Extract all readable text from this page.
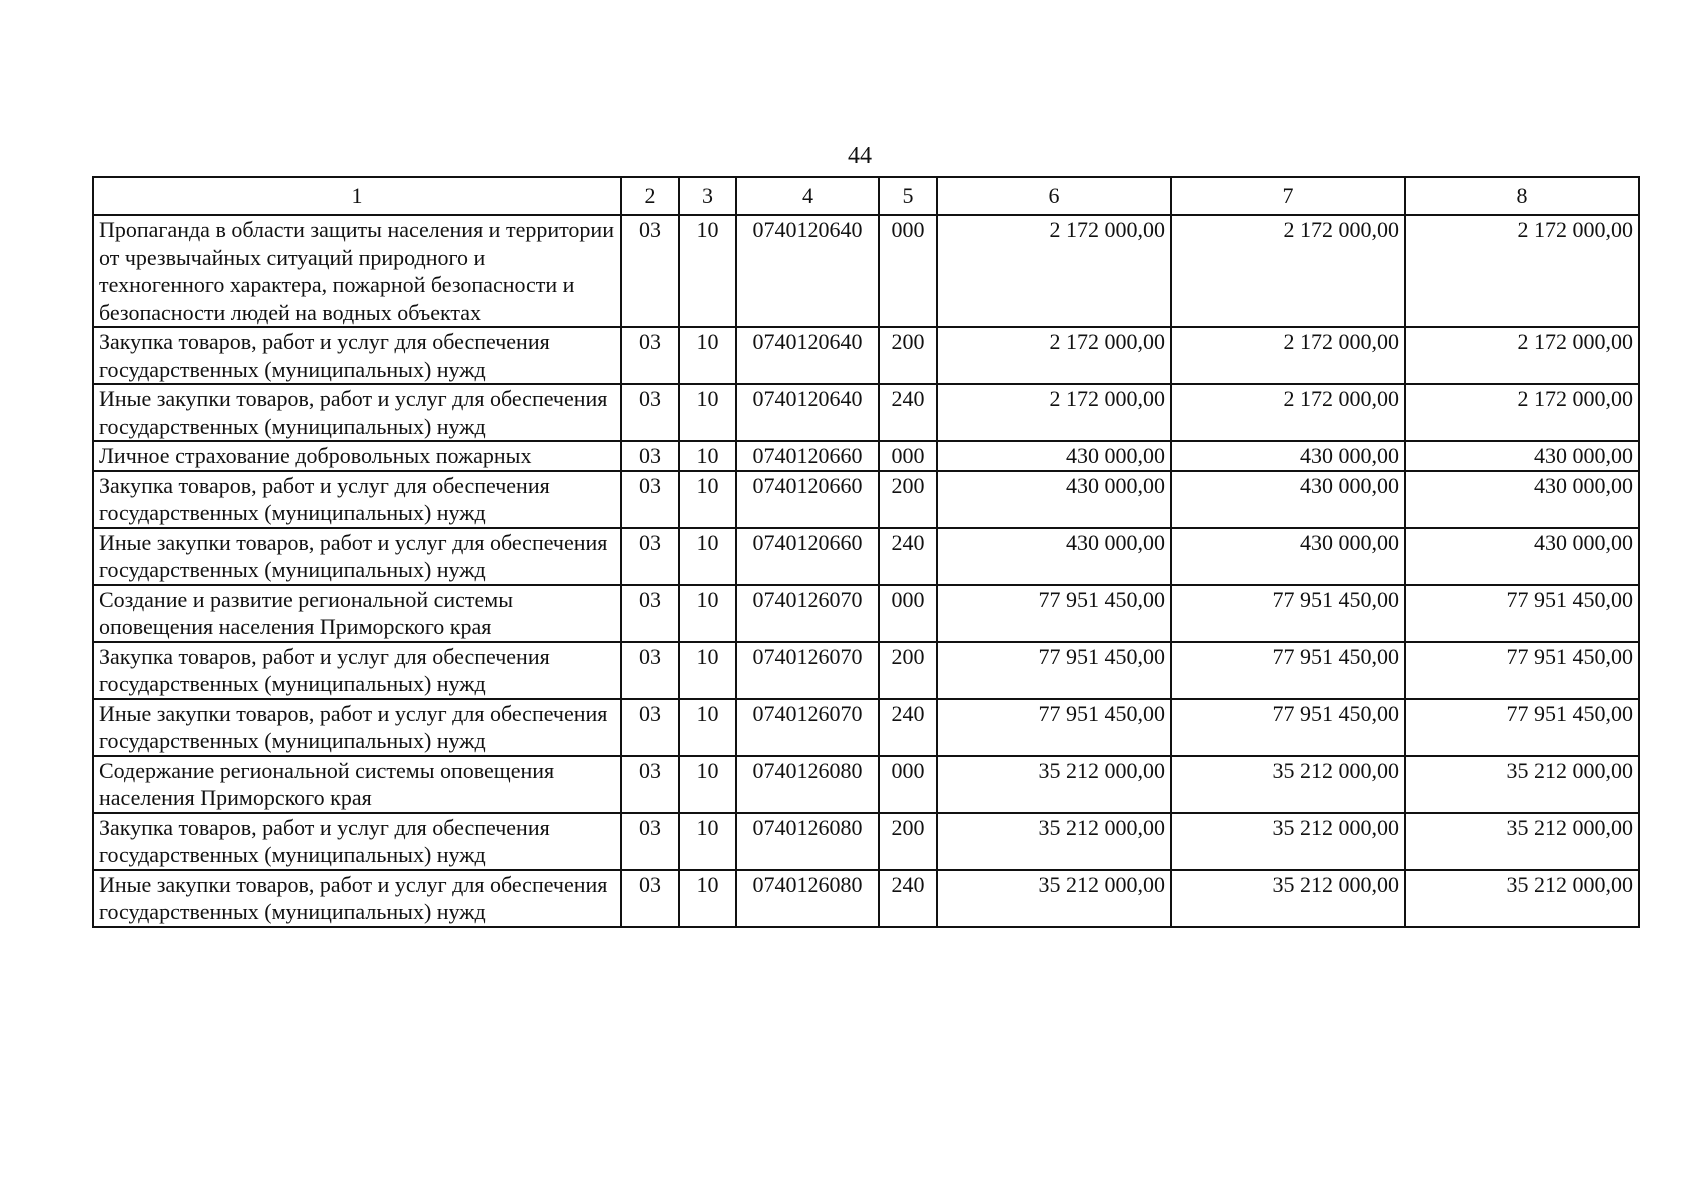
44
1	2	3	4	5	6	7	8
Пропаганда в области защиты населения и территории от чрезвычайных ситуаций природного и техногенного характера, пожарной безопасности и безопасности людей на водных объектах	03	10	0740120640	000	2 172 000,00	2 172 000,00	2 172 000,00
Закупка товаров, работ и услуг для обеспечения государственных (муниципальных) нужд	03	10	0740120640	200	2 172 000,00	2 172 000,00	2 172 000,00
Иные закупки товаров, работ и услуг для обеспечения государственных (муниципальных) нужд	03	10	0740120640	240	2 172 000,00	2 172 000,00	2 172 000,00
Личное страхование добровольных пожарных	03	10	0740120660	000	430 000,00	430 000,00	430 000,00
Закупка товаров, работ и услуг для обеспечения государственных (муниципальных) нужд	03	10	0740120660	200	430 000,00	430 000,00	430 000,00
Иные закупки товаров, работ и услуг для обеспечения государственных (муниципальных) нужд	03	10	0740120660	240	430 000,00	430 000,00	430 000,00
Создание и развитие региональной системы оповещения населения Приморского края	03	10	0740126070	000	77 951 450,00	77 951 450,00	77 951 450,00
Закупка товаров, работ и услуг для обеспечения государственных (муниципальных) нужд	03	10	0740126070	200	77 951 450,00	77 951 450,00	77 951 450,00
Иные закупки товаров, работ и услуг для обеспечения государственных (муниципальных) нужд	03	10	0740126070	240	77 951 450,00	77 951 450,00	77 951 450,00
Содержание региональной системы оповещения населения Приморского края	03	10	0740126080	000	35 212 000,00	35 212 000,00	35 212 000,00
Закупка товаров, работ и услуг для обеспечения государственных (муниципальных) нужд	03	10	0740126080	200	35 212 000,00	35 212 000,00	35 212 000,00
Иные закупки товаров, работ и услуг для обеспечения государственных (муниципальных) нужд	03	10	0740126080	240	35 212 000,00	35 212 000,00	35 212 000,00
